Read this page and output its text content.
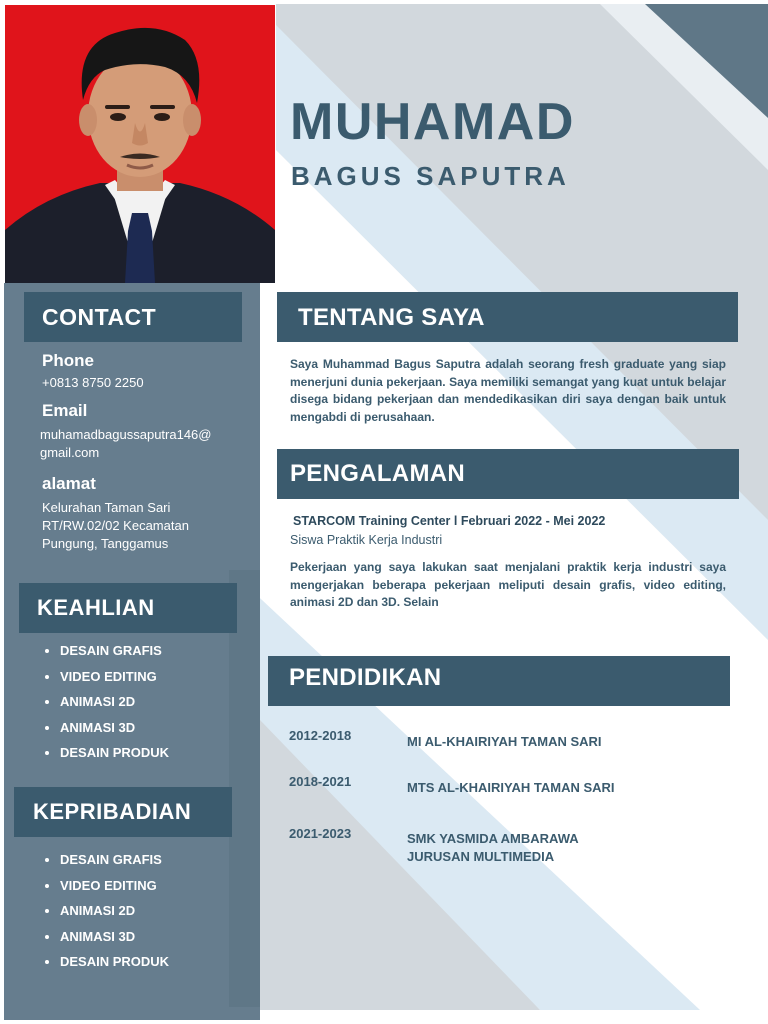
CONTACT
Phone
+0813 8750 2250
Email
muhamadbagussaputra146@
gmail.com
alamat
Kelurahan Taman Sari
RT/RW.02/02 Kecamatan
Pungung, Tanggamus
KEAHLIAN
DESAIN GRAFIS
VIDEO EDITING
ANIMASI 2D
ANIMASI 3D
DESAIN PRODUK
KEPRIBADIAN
DESAIN GRAFIS
VIDEO EDITING
ANIMASI 2D
ANIMASI 3D
DESAIN PRODUK
MUHAMAD
BAGUS SAPUTRA
TENTANG SAYA
Saya Muhammad Bagus Saputra adalah seorang fresh graduate yang siap menerjuni dunia pekerjaan. Saya memiliki semangat yang kuat untuk belajar disega bidang pekerjaan dan mendedikasikan diri saya dengan baik untuk mengabdi di perusahaan.
PENGALAMAN
STARCOM Training Center l Februari 2022 - Mei 2022
Siswa Praktik Kerja Industri
Pekerjaan yang saya lakukan saat menjalani praktik kerja industri saya mengerjakan beberapa pekerjaan meliputi desain grafis, video editing, animasi 2D dan 3D. Selain
PENDIDIKAN
2012-2018	MI AL-KHAIRIYAH TAMAN SARI
2018-2021	MTS AL-KHAIRIYAH TAMAN SARI
2021-2023	SMK YASMIDA AMBARAWA
JURUSAN MULTIMEDIA
